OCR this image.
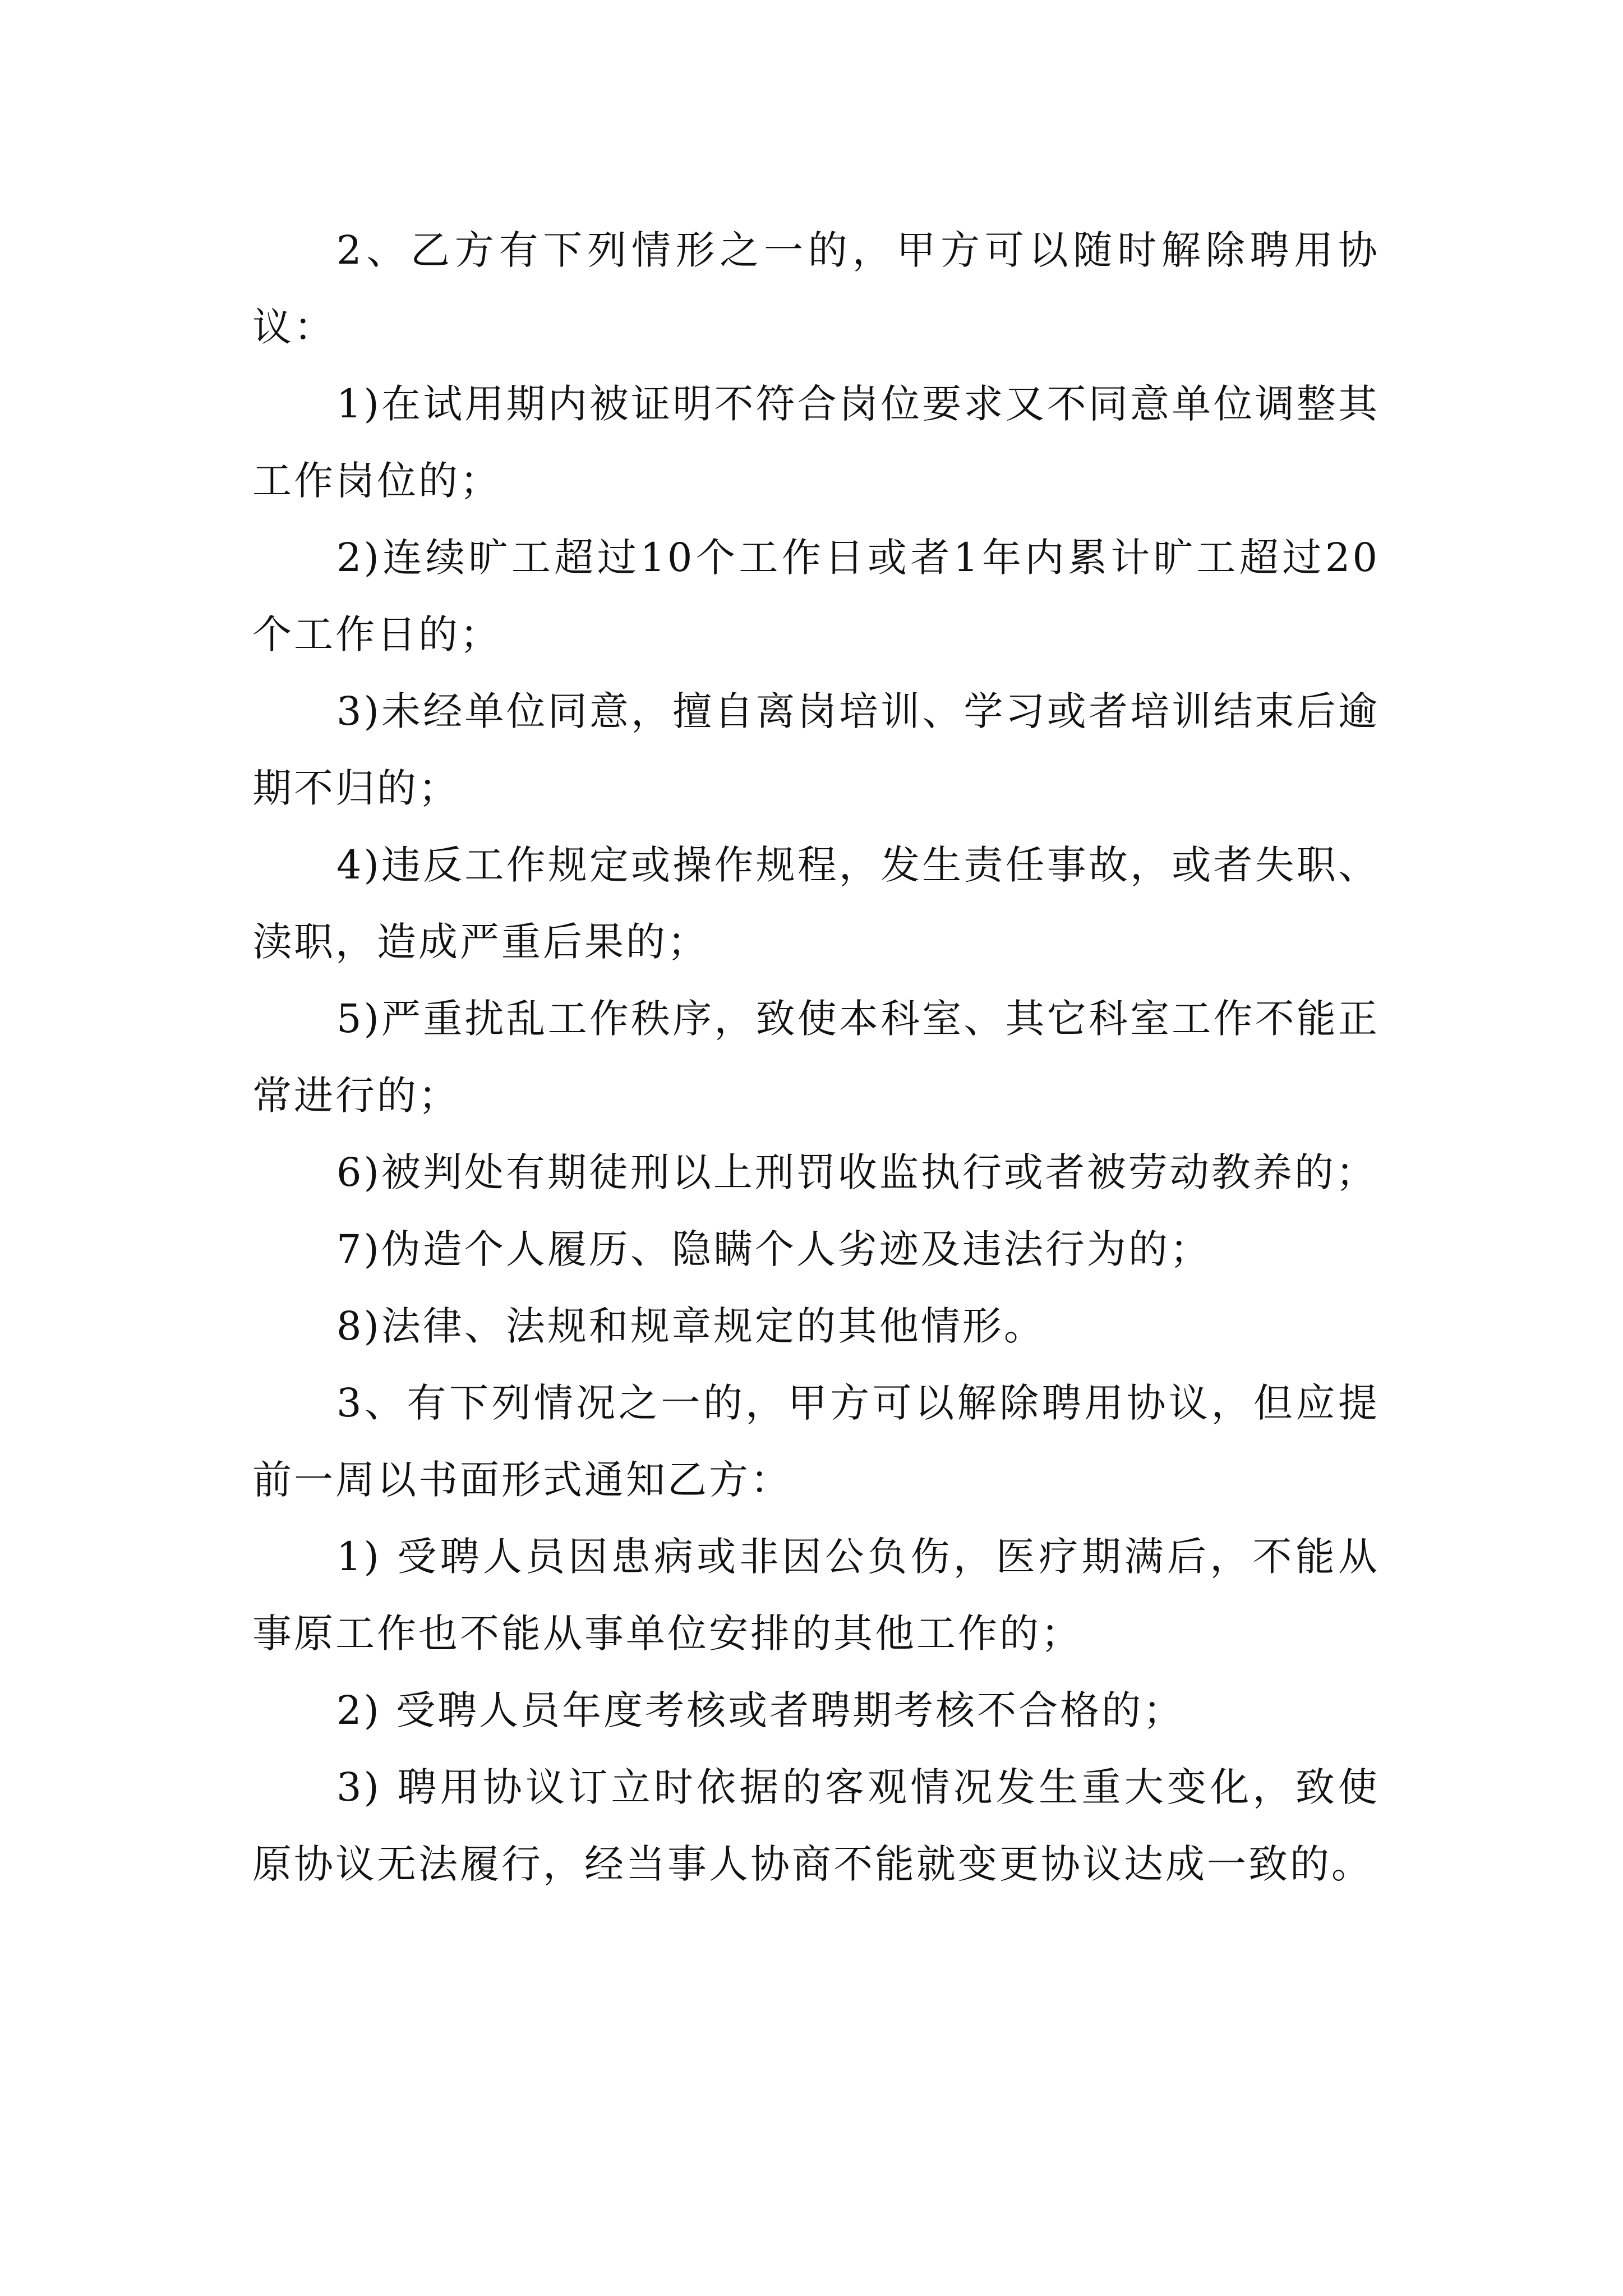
2、乙方有下列情形之一的，甲方可以随时解除聘用协议：

1)在试用期内被证明不符合岗位要求又不同意单位调整其工作岗位的；

2)连续旷工超过10个工作日或者1年内累计旷工超过20个工作日的；

3)未经单位同意，擅自离岗培训、学习或者培训结束后逾期不归的；

4)违反工作规定或操作规程，发生责任事故，或者失职、渎职，造成严重后果的；

5)严重扰乱工作秩序，致使本科室、其它科室工作不能正常进行的；

6)被判处有期徒刑以上刑罚收监执行或者被劳动教养的；

7)伪造个人履历、隐瞒个人劣迹及违法行为的；

8)法律、法规和规章规定的其他情形。

3、有下列情况之一的，甲方可以解除聘用协议，但应提前一周以书面形式通知乙方：

1) 受聘人员因患病或非因公负伤，医疗期满后，不能从事原工作也不能从事单位安排的其他工作的；

2) 受聘人员年度考核或者聘期考核不合格的；

3) 聘用协议订立时依据的客观情况发生重大变化，致使原协议无法履行，经当事人协商不能就变更协议达成一致的。
